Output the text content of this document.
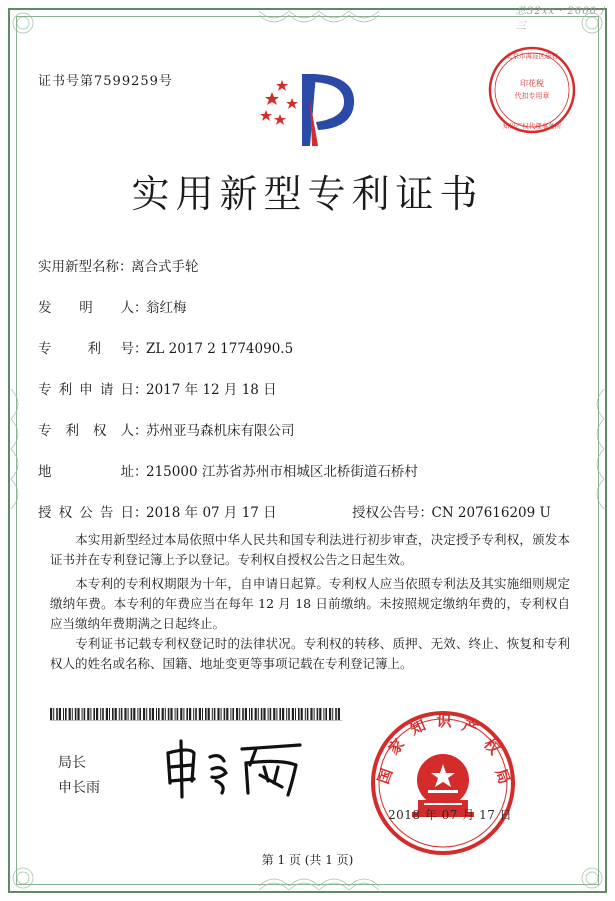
总32xx · 2060 / 三
证书号第7599259号
实用新型专利证书
实用新型名称：离合式手轮
发　明　人：翁红梅
专　　利　号：ZL 2017 2 1774090.5
专利申请日：2017 年 12 月 18 日
专 利 权 人：苏州亚马森机床有限公司
地　　　址：215000 江苏省苏州市相城区北桥街道石桥村
授权公告日：2018 年 07 月 17 日	授权公告号：CN 207616209 U
本实用新型经过本局依照中华人民共和国专利法进行初步审查，决定授予专利权，颁发本证书并在专利登记簿上予以登记。专利权自授权公告之日起生效。
本专利的专利权期限为十年，自申请日起算。专利权人应当依照专利法及其实施细则规定缴纳年费。本专利的年费应当在每年 12 月 18 日前缴纳。未按照规定缴纳年费的，专利权自应当缴纳年费期满之日起终止。
专利证书记载专利权登记时的法律状况。专利权的转移、质押、无效、终止、恢复和专利权人的姓名或名称、国籍、地址变更等事项记载在专利登记簿上。
局长
申长雨
国
家
知 识 产
权
局
2018 年 07 月 17 日
北京市海淀区磁石
知识产权代理事务所
印花税
代扣专用章
第 1 页 (共 1 页)
